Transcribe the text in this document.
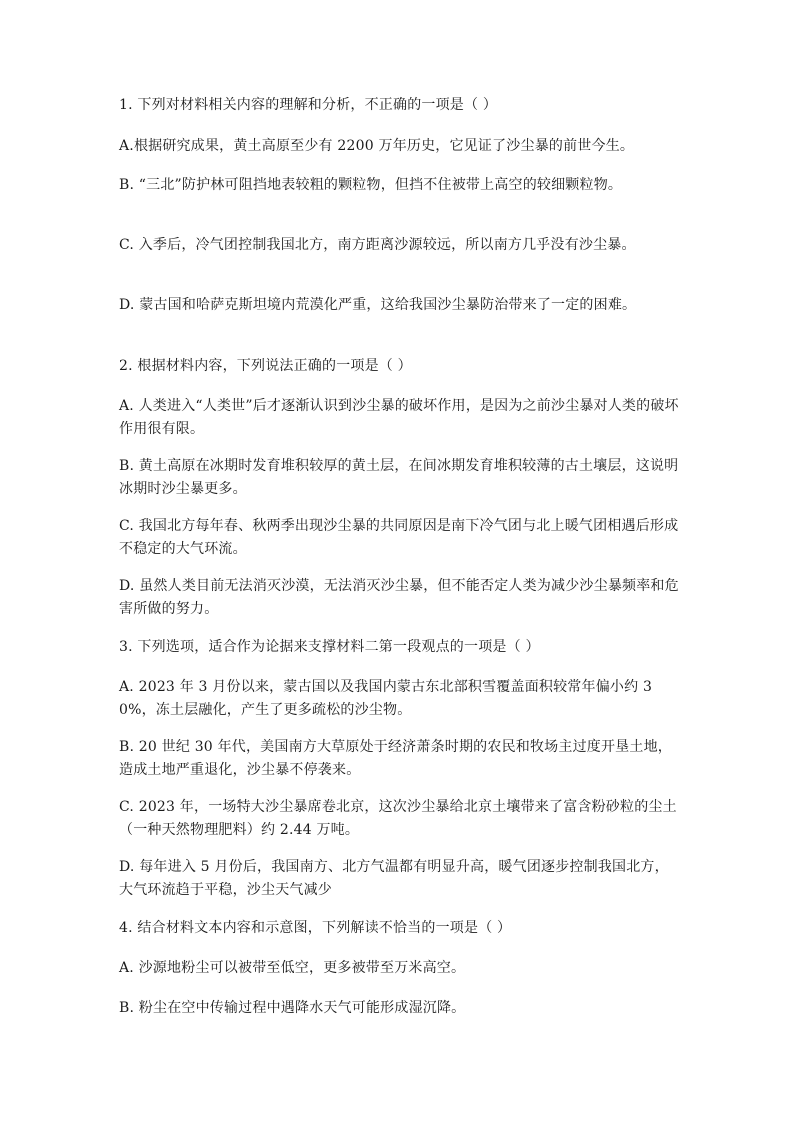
1. 下列对材料相关内容的理解和分析，不正确的一项是（ ）

A.根据研究成果，黄土高原至少有 2200 万年历史，它见证了沙尘暴的前世今生。

B. “三北”防护林可阻挡地表较粗的颗粒物，但挡不住被带上高空的较细颗粒物。

C. 入季后，冷气团控制我国北方，南方距离沙源较远，所以南方几乎没有沙尘暴。

D. 蒙古国和哈萨克斯坦境内荒漠化严重，这给我国沙尘暴防治带来了一定的困难。

2. 根据材料内容，下列说法正确的一项是（ ）

A. 人类进入“人类世”后才逐渐认识到沙尘暴的破坏作用，是因为之前沙尘暴对人类的破坏作用很有限。

B. 黄土高原在冰期时发育堆积较厚的黄土层，在间冰期发育堆积较薄的古土壤层，这说明冰期时沙尘暴更多。

C. 我国北方每年春、秋两季出现沙尘暴的共同原因是南下冷气团与北上暖气团相遇后形成不稳定的大气环流。

D. 虽然人类目前无法消灭沙漠，无法消灭沙尘暴，但不能否定人类为减少沙尘暴频率和危害所做的努力。

3. 下列选项，适合作为论据来支撑材料二第一段观点的一项是（ ）

A. 2023 年 3 月份以来，蒙古国以及我国内蒙古东北部积雪覆盖面积较常年偏小约 30%，冻土层融化，产生了更多疏松的沙尘物。

B. 20 世纪 30 年代，美国南方大草原处于经济萧条时期的农民和牧场主过度开垦土地，造成土地严重退化，沙尘暴不停袭来。

C. 2023 年，一场特大沙尘暴席卷北京，这次沙尘暴给北京土壤带来了富含粉砂粒的尘土（一种天然物理肥料）约 2.44 万吨。

D. 每年进入 5 月份后，我国南方、北方气温都有明显升高，暖气团逐步控制我国北方，大气环流趋于平稳，沙尘天气减少

4. 结合材料文本内容和示意图，下列解读不恰当的一项是（ ）

A. 沙源地粉尘可以被带至低空，更多被带至万米高空。

B. 粉尘在空中传输过程中遇降水天气可能形成湿沉降。
